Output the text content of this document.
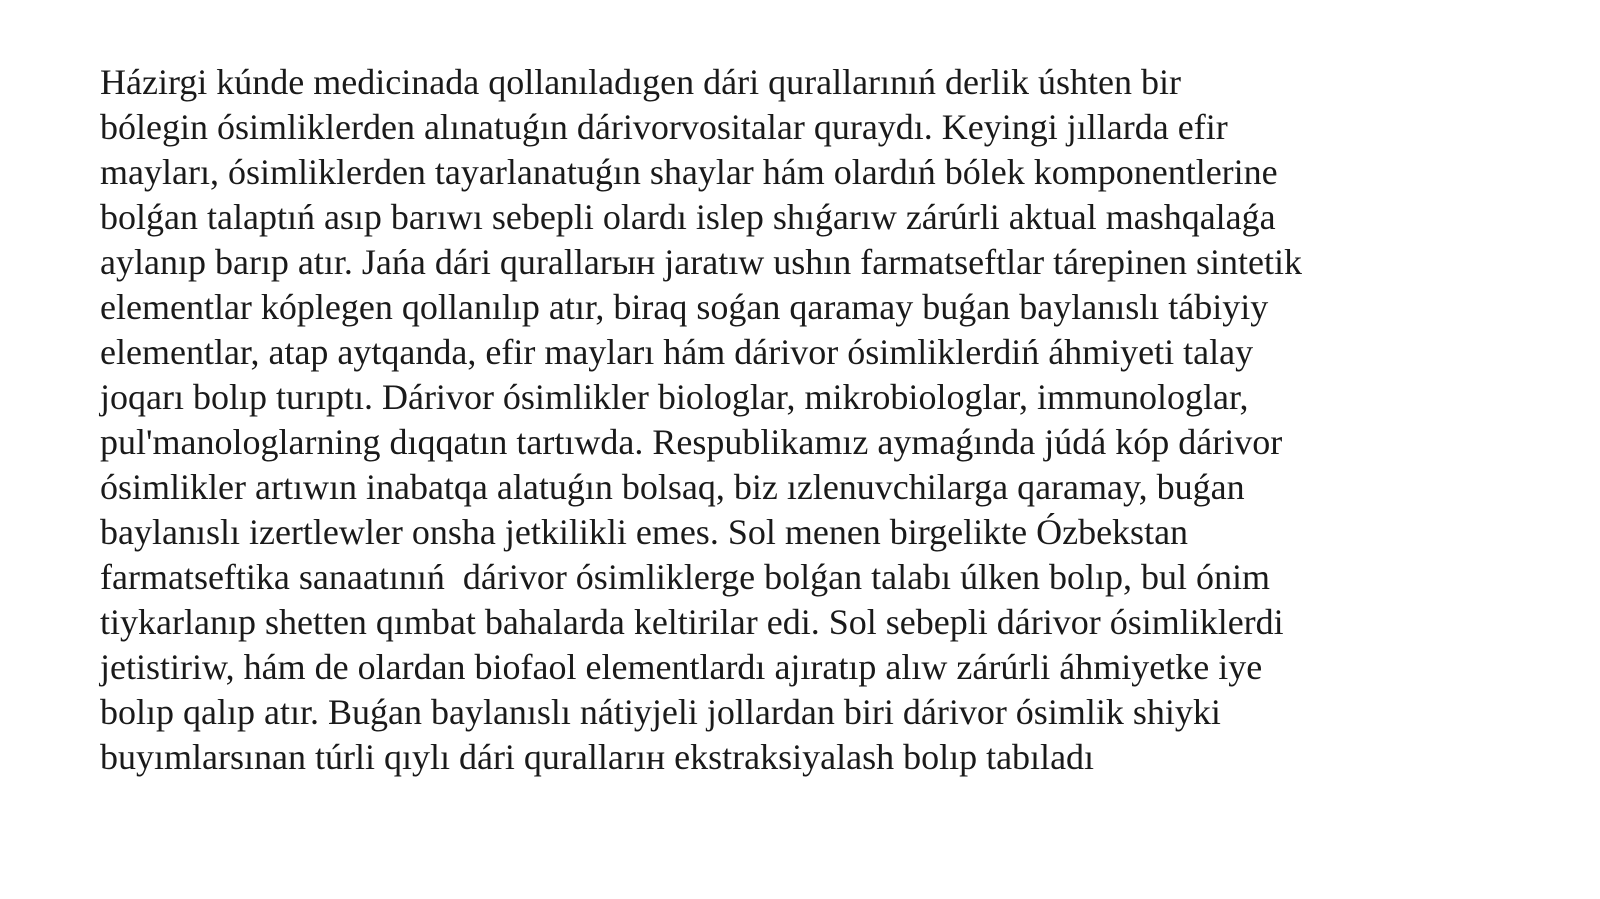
Házirgi kúnde medicinada qollanıladıgen dári qurallarınıń derlik úshten bir
bólegin ósimliklerden alınatuǵın dárivorvositalar quraydı. Keyingi jıllarda efir
mayları, ósimliklerden tayarlanatuǵın shaylar hám olardıń bólek komponentlerine
bolǵan talaptıń asıp barıwı sebepli olardı islep shıǵarıw zárúrli aktual mashqalaǵa
aylanıp barıp atır. Jańa dári qurallarын jaratıw ushın farmatseftlar tárepinen sintetik
elementlar kóplegen qollanılıp atır, biraq soǵan qaramay buǵan baylanıslı tábiyiy
elementlar, atap aytqanda, efir mayları hám dárivor ósimliklerdiń áhmiyeti talay
joqarı bolıp turıptı. Dárivor ósimlikler biologlar, mikrobiologlar, immunologlar,
pul'manologlarning dıqqatın tartıwda. Respublikamız aymaǵında júdá kóp dárivor
ósimlikler artıwın inabatqa alatuǵın bolsaq, biz ızlenuvchilarga qaramay, buǵan
baylanıslı izertlewler onsha jetkilikli emes. Sol menen birgelikte Ózbekstan
farmatseftika sanaatınıń  dárivor ósimliklerge bolǵan talabı úlken bolıp, bul ónim
tiykarlanıp shetten qımbat bahalarda keltirilar edi. Sol sebepli dárivor ósimliklerdi
jetistiriw, hám de olardan biofaol elementlardı ajıratıp alıw zárúrli áhmiyetke iye
bolıp qalıp atır. Buǵan baylanıslı nátiyjeli jollardan biri dárivor ósimlik shiyki
buyımlarsınan túrli qıylı dári qurallarıн ekstraksiyalash bolıp tabıladı
